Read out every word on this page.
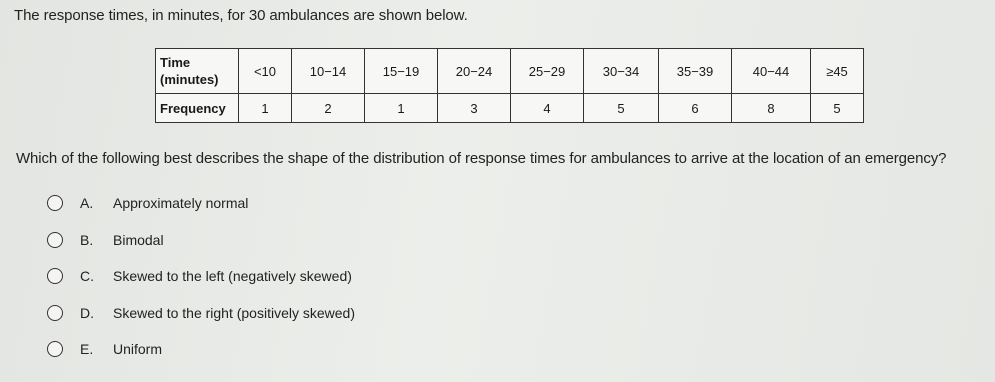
The response times, in minutes, for 30 ambulances are shown below.
Time
(minutes)	<10	10−14	15−19	20−24	25−29	30−34	35−39	40−44	≥45
Frequency	1	2	1	3	4	5	6	8	5
Which of the following best describes the shape of the distribution of response times for ambulances to arrive at the location of an emergency?
A. Approximately normal
B. Bimodal
C. Skewed to the left (negatively skewed)
D. Skewed to the right (positively skewed)
E. Uniform
